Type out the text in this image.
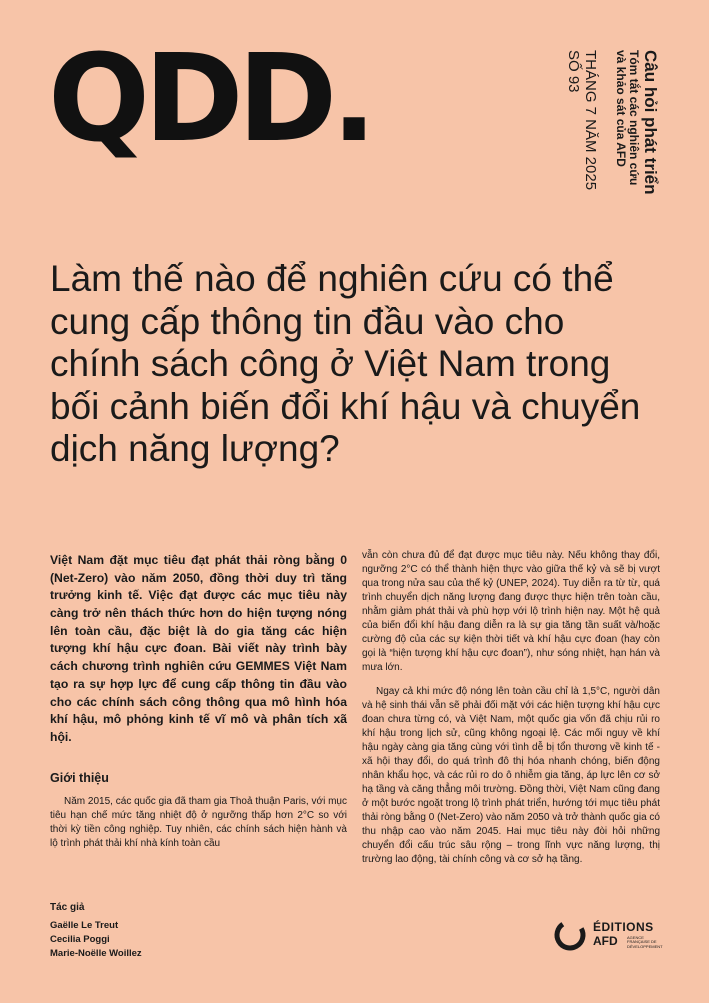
QDD.	Câu hỏi phát triển
Tóm tắt các nghiên cứu
và khảo sát của AFD
THÁNG 7 NĂM 2025
SỐ 93
Làm thế nào để nghiên cứu có thể cung cấp thông tin đầu vào cho chính sách công ở Việt Nam trong bối cảnh biến đổi khí hậu và chuyển dịch năng lượng?

Việt Nam đặt mục tiêu đạt phát thải ròng bằng 0 (Net-Zero) vào năm 2050, đồng thời duy trì tăng trưởng kinh tế. Việc đạt được các mục tiêu này càng trở nên thách thức hơn do hiện tượng nóng lên toàn cầu, đặc biệt là do gia tăng các hiện tượng khí hậu cực đoan. Bài viết này trình bày cách chương trình nghiên cứu GEMMES Việt Nam tạo ra sự hợp lực để cung cấp thông tin đầu vào cho các chính sách công thông qua mô hình hóa khí hậu, mô phỏng kinh tế vĩ mô và phân tích xã hội.

Giới thiệu

Năm 2015, các quốc gia đã tham gia Thoả thuận Paris, với mục tiêu hạn chế mức tăng nhiệt độ ở ngưỡng thấp hơn 2°C so với thời kỳ tiền công nghiệp. Tuy nhiên, các chính sách hiện hành và lộ trình phát thải khí nhà kính toàn cầu

vẫn còn chưa đủ để đạt được mục tiêu này. Nếu không thay đổi, ngưỡng 2°C có thể thành hiện thực vào giữa thế kỷ và sẽ bị vượt qua trong nửa sau của thế kỷ (UNEP, 2024). Tuy diễn ra từ từ, quá trình chuyển dịch năng lượng đang được thực hiện trên toàn cầu, nhằm giảm phát thải và phù hợp với lộ trình hiện nay. Một hệ quả của biến đổi khí hậu đang diễn ra là sự gia tăng tần suất và/hoặc cường độ của các sự kiện thời tiết và khí hậu cực đoan (hay còn gọi là “hiện tượng khí hậu cực đoan”), như sóng nhiệt, hạn hán và mưa lớn.

Ngay cả khi mức độ nóng lên toàn cầu chỉ là 1,5°C, người dân và hệ sinh thái vẫn sẽ phải đối mặt với các hiện tượng khí hậu cực đoan chưa từng có, và Việt Nam, một quốc gia vốn đã chịu rủi ro khí hậu trong lịch sử, cũng không ngoại lệ. Các mối nguy về khí hậu ngày càng gia tăng cùng với tình dễ bị tổn thương về kinh tế - xã hội thay đổi, do quá trình đô thị hóa nhanh chóng, biến động nhân khẩu học, và các rủi ro do ô nhiễm gia tăng, áp lực lên cơ sở hạ tầng và căng thẳng môi trường. Đồng thời, Việt Nam cũng đang ở một bước ngoặt trong lộ trình phát triển, hướng tới mục tiêu phát thải ròng bằng 0 (Net-Zero) vào năm 2050 và trở thành quốc gia có thu nhập cao vào năm 2045. Hai mục tiêu này đòi hỏi những chuyển đổi cấu trúc sâu rộng – trong lĩnh vực năng lượng, thị trường lao động, tài chính công và cơ sở hạ tầng.

Tác giả
Gaëlle Le Treut
Cecilia Poggi
Marie-Noëlle Woillez
ÉDITIONS
AFD AGENCE FRANÇAISE DE DÉVELOPPEMENT
